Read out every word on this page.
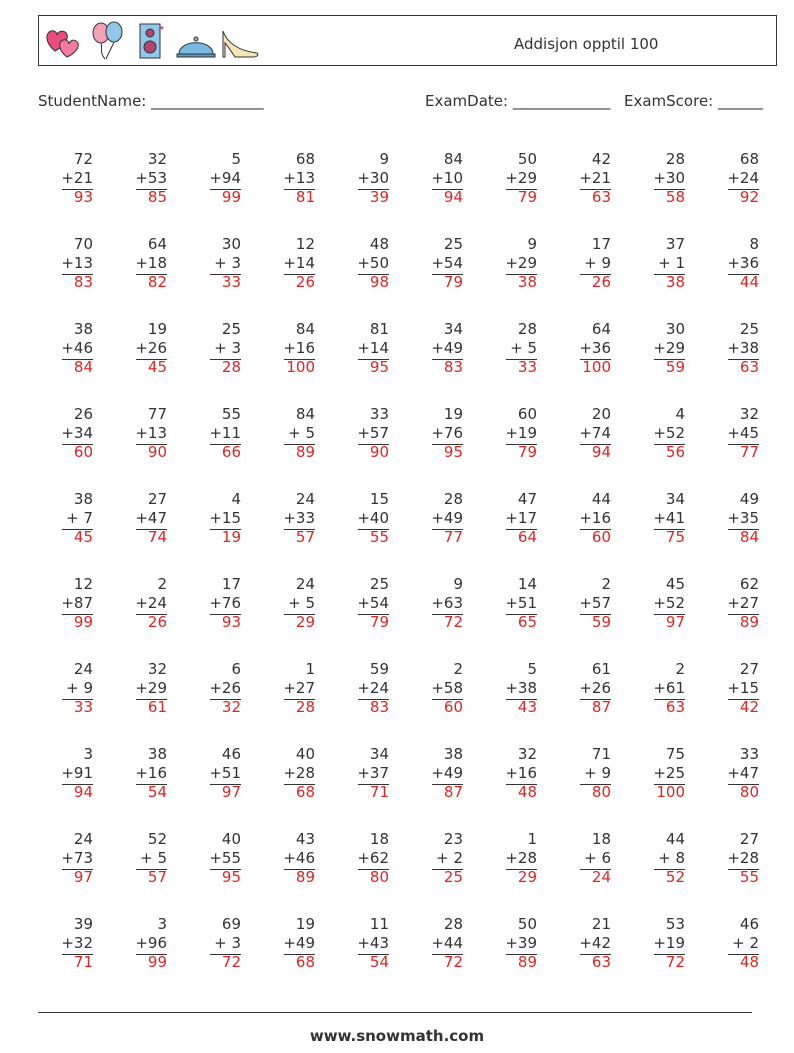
Addisjon opptil 100
StudentName: _______________	ExamDate: _____________ ExamScore: ______
72
+21
93
32
+53
85
5
+94
99
68
+13
81
9
+30
39
84
+10
94
50
+29
79
42
+21
63
28
+30
58
68
+24
92
70
+13
83
64
+18
82
30
+ 3
33
12
+14
26
48
+50
98
25
+54
79
9
+29
38
17
+ 9
26
37
+ 1
38
8
+36
44
38
+46
84
19
+26
45
25
+ 3
28
84
+16
100
81
+14
95
34
+49
83
28
+ 5
33
64
+36
100
30
+29
59
25
+38
63
26
+34
60
77
+13
90
55
+11
66
84
+ 5
89
33
+57
90
19
+76
95
60
+19
79
20
+74
94
4
+52
56
32
+45
77
38
+ 7
45
27
+47
74
4
+15
19
24
+33
57
15
+40
55
28
+49
77
47
+17
64
44
+16
60
34
+41
75
49
+35
84
12
+87
99
2
+24
26
17
+76
93
24
+ 5
29
25
+54
79
9
+63
72
14
+51
65
2
+57
59
45
+52
97
62
+27
89
24
+ 9
33
32
+29
61
6
+26
32
1
+27
28
59
+24
83
2
+58
60
5
+38
43
61
+26
87
2
+61
63
27
+15
42
3
+91
94
38
+16
54
46
+51
97
40
+28
68
34
+37
71
38
+49
87
32
+16
48
71
+ 9
80
75
+25
100
33
+47
80
24
+73
97
52
+ 5
57
40
+55
95
43
+46
89
18
+62
80
23
+ 2
25
1
+28
29
18
+ 6
24
44
+ 8
52
27
+28
55
39
+32
71
3
+96
99
69
+ 3
72
19
+49
68
11
+43
54
28
+44
72
50
+39
89
21
+42
63
53
+19
72
46
+ 2
48
www.snowmath.com
